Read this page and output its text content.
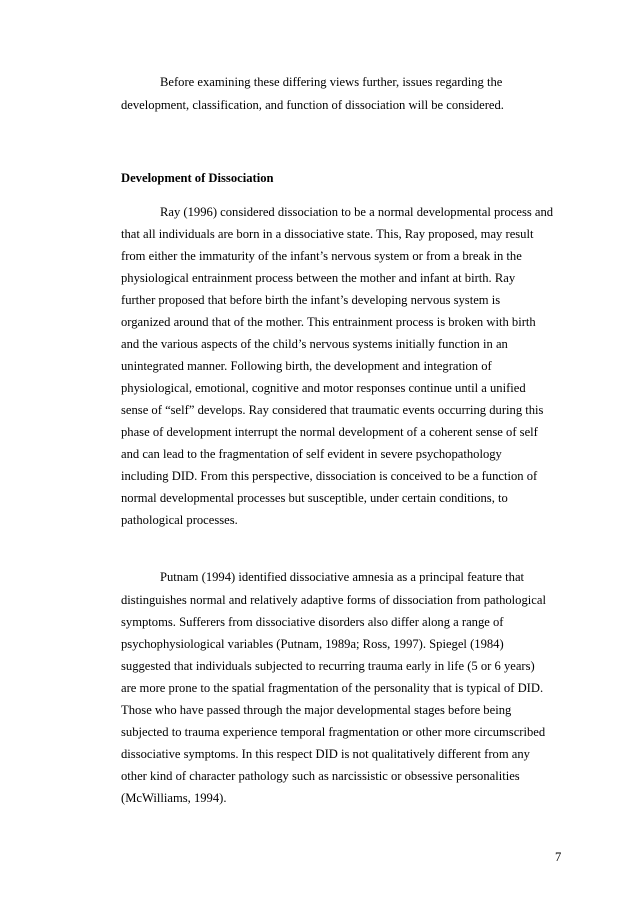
Before examining these differing views further, issues regarding the
development, classification, and function of dissociation will be considered.
Development of Dissociation
Ray (1996) considered dissociation to be a normal developmental process and
that all individuals are born in a dissociative state. This, Ray proposed, may result
from either the immaturity of the infant’s nervous system or from a break in the
physiological entrainment process between the mother and infant at birth. Ray
further proposed that before birth the infant’s developing nervous system is
organized around that of the mother. This entrainment process is broken with birth
and the various aspects of the child’s nervous systems initially function in an
unintegrated manner. Following birth, the development and integration of
physiological, emotional, cognitive and motor responses continue until a unified
sense of “self” develops. Ray considered that traumatic events occurring during this
phase of development interrupt the normal development of a coherent sense of self
and can lead to the fragmentation of self evident in severe psychopathology
including DID. From this perspective, dissociation is conceived to be a function of
normal developmental processes but susceptible, under certain conditions, to
pathological processes.
Putnam (1994) identified dissociative amnesia as a principal feature that
distinguishes normal and relatively adaptive forms of dissociation from pathological
symptoms. Sufferers from dissociative disorders also differ along a range of
psychophysiological variables (Putnam, 1989a; Ross, 1997). Spiegel (1984)
suggested that individuals subjected to recurring trauma early in life (5 or 6 years)
are more prone to the spatial fragmentation of the personality that is typical of DID.
Those who have passed through the major developmental stages before being
subjected to trauma experience temporal fragmentation or other more circumscribed
dissociative symptoms. In this respect DID is not qualitatively different from any
other kind of character pathology such as narcissistic or obsessive personalities
(McWilliams, 1994).
7
